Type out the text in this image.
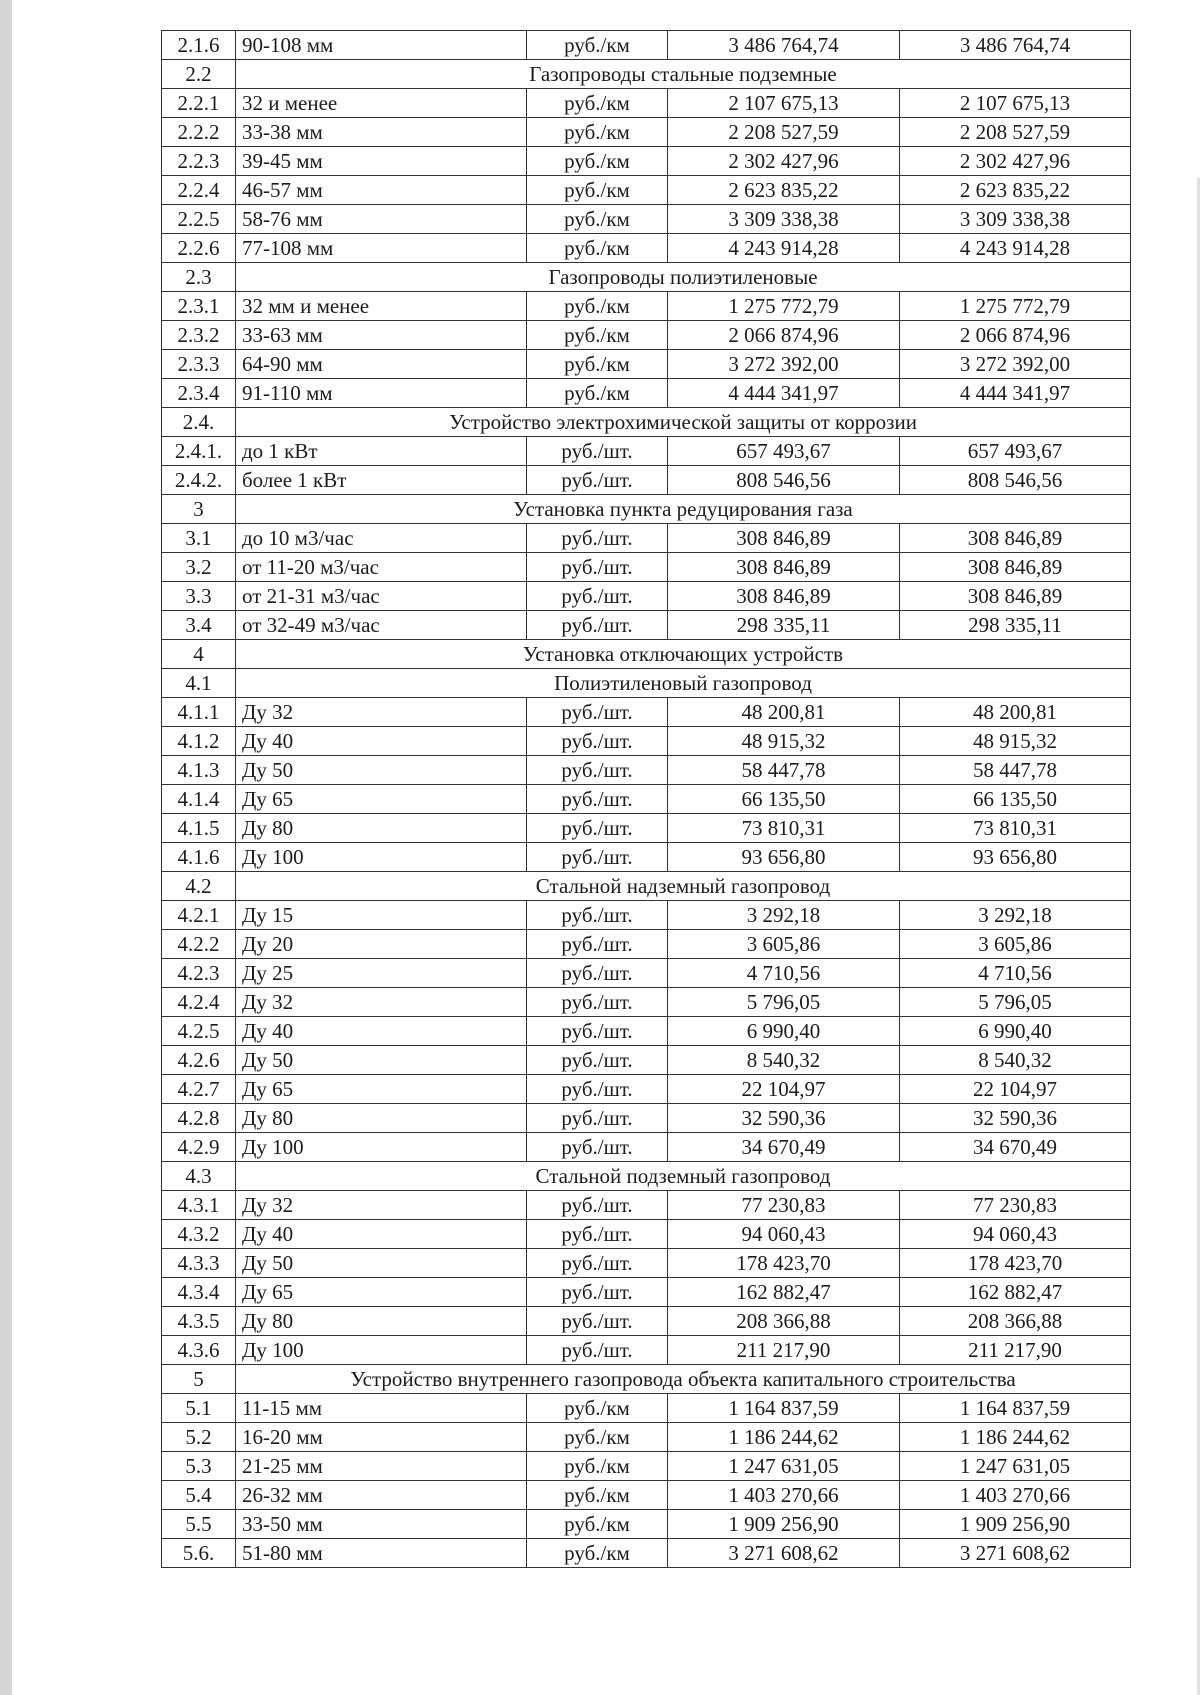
2.1.6	90-108 мм	руб./км	3 486 764,74	3 486 764,74
2.2	Газопроводы стальные подземные			
2.2.1	32 и менее	руб./км	2 107 675,13	2 107 675,13
2.2.2	33-38 мм	руб./км	2 208 527,59	2 208 527,59
2.2.3	39-45 мм	руб./км	2 302 427,96	2 302 427,96
2.2.4	46-57 мм	руб./км	2 623 835,22	2 623 835,22
2.2.5	58-76 мм	руб./км	3 309 338,38	3 309 338,38
2.2.6	77-108 мм	руб./км	4 243 914,28	4 243 914,28
2.3	Газопроводы полиэтиленовые			
2.3.1	32 мм и менее	руб./км	1 275 772,79	1 275 772,79
2.3.2	33-63 мм	руб./км	2 066 874,96	2 066 874,96
2.3.3	64-90 мм	руб./км	3 272 392,00	3 272 392,00
2.3.4	91-110 мм	руб./км	4 444 341,97	4 444 341,97
2.4.	Устройство электрохимической защиты от коррозии			
2.4.1.	до 1 кВт	руб./шт.	657 493,67	657 493,67
2.4.2.	более 1 кВт	руб./шт.	808 546,56	808 546,56
3	Установка пункта редуцирования газа			
3.1	до 10 м3/час	руб./шт.	308 846,89	308 846,89
3.2	от 11-20 м3/час	руб./шт.	308 846,89	308 846,89
3.3	от 21-31 м3/час	руб./шт.	308 846,89	308 846,89
3.4	от 32-49 м3/час	руб./шт.	298 335,11	298 335,11
4	Установка отключающих устройств			
4.1	Полиэтиленовый газопровод			
4.1.1	Ду 32	руб./шт.	48 200,81	48 200,81
4.1.2	Ду 40	руб./шт.	48 915,32	48 915,32
4.1.3	Ду 50	руб./шт.	58 447,78	58 447,78
4.1.4	Ду 65	руб./шт.	66 135,50	66 135,50
4.1.5	Ду 80	руб./шт.	73 810,31	73 810,31
4.1.6	Ду 100	руб./шт.	93 656,80	93 656,80
4.2	Стальной надземный газопровод			
4.2.1	Ду 15	руб./шт.	3 292,18	3 292,18
4.2.2	Ду 20	руб./шт.	3 605,86	3 605,86
4.2.3	Ду 25	руб./шт.	4 710,56	4 710,56
4.2.4	Ду 32	руб./шт.	5 796,05	5 796,05
4.2.5	Ду 40	руб./шт.	6 990,40	6 990,40
4.2.6	Ду 50	руб./шт.	8 540,32	8 540,32
4.2.7	Ду 65	руб./шт.	22 104,97	22 104,97
4.2.8	Ду 80	руб./шт.	32 590,36	32 590,36
4.2.9	Ду 100	руб./шт.	34 670,49	34 670,49
4.3	Стальной подземный газопровод			
4.3.1	Ду 32	руб./шт.	77 230,83	77 230,83
4.3.2	Ду 40	руб./шт.	94 060,43	94 060,43
4.3.3	Ду 50	руб./шт.	178 423,70	178 423,70
4.3.4	Ду 65	руб./шт.	162 882,47	162 882,47
4.3.5	Ду 80	руб./шт.	208 366,88	208 366,88
4.3.6	Ду 100	руб./шт.	211 217,90	211 217,90
5	Устройство внутреннего газопровода объекта капитального строительства			
5.1	11-15 мм	руб./км	1 164 837,59	1 164 837,59
5.2	16-20 мм	руб./км	1 186 244,62	1 186 244,62
5.3	21-25 мм	руб./км	1 247 631,05	1 247 631,05
5.4	26-32 мм	руб./км	1 403 270,66	1 403 270,66
5.5	33-50 мм	руб./км	1 909 256,90	1 909 256,90
5.6.	51-80 мм	руб./км	3 271 608,62	3 271 608,62
